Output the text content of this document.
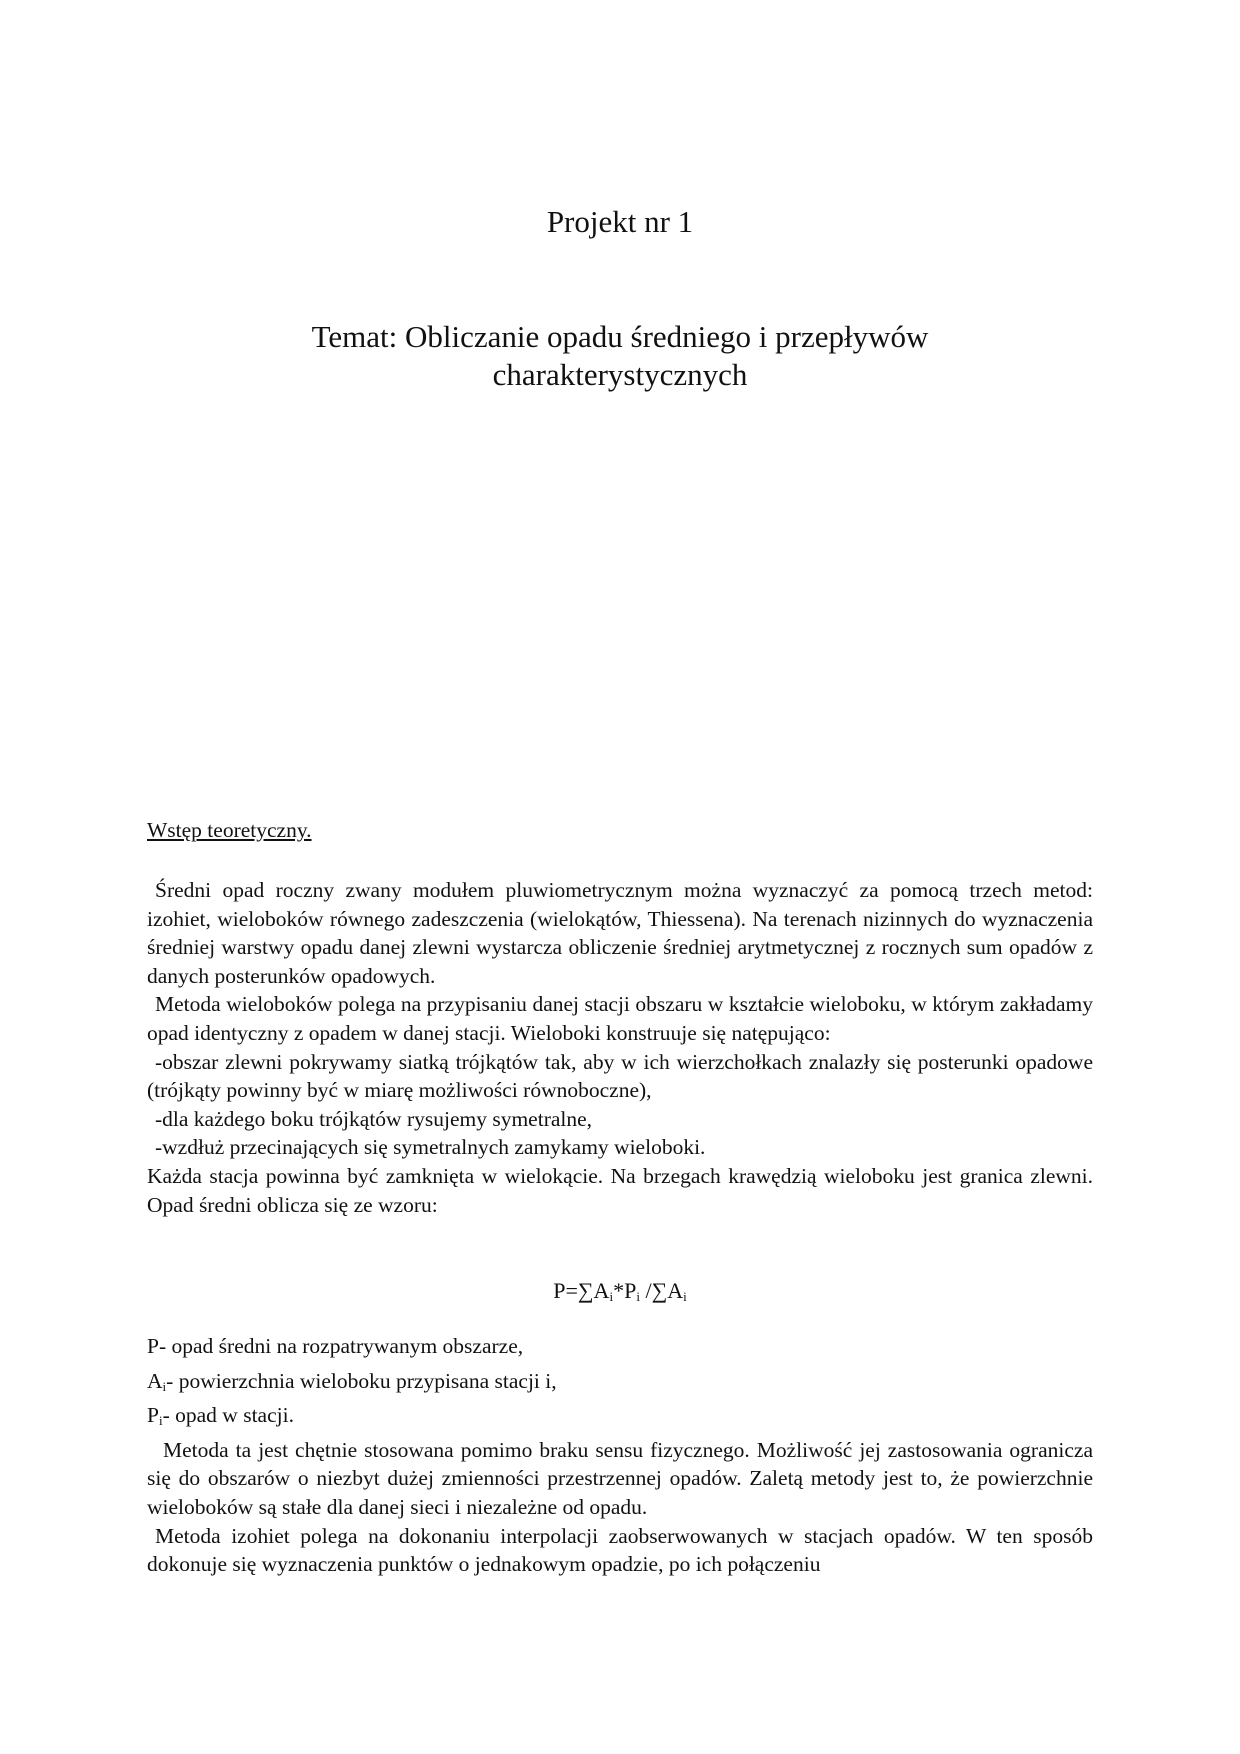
Projekt nr 1
Temat: Obliczanie opadu średniego i przepływów
charakterystycznych
Wstęp teoretyczny.

Średni opad roczny zwany modułem pluwiometrycznym można wyznaczyć za pomocą trzech metod: izohiet, wieloboków równego zadeszczenia (wielokątów, Thiessena). Na terenach nizinnych do wyznaczenia średniej warstwy opadu danej zlewni wystarcza obliczenie średniej arytmetycznej z rocznych sum opadów z danych posterunków opadowych.

Metoda wieloboków polega na przypisaniu danej stacji obszaru w kształcie wieloboku, w którym zakładamy opad identyczny z opadem w danej stacji. Wieloboki konstruuje się natępująco:

-obszar zlewni pokrywamy siatką trójkątów tak, aby w ich wierzchołkach znalazły się posterunki opadowe (trójkąty powinny być w miarę możliwości równoboczne),

-dla każdego boku trójkątów rysujemy symetralne,

-wzdłuż przecinających się symetralnych zamykamy wieloboki.

Każda stacja powinna być zamknięta w wielokącie. Na brzegach krawędzią wieloboku jest granica zlewni. Opad średni oblicza się ze wzoru:

$P=\sum A_i*P_i$ $/\sum A_i$
P- opad średni na rozpatrywanym obszarze,
$A_i-$ powierzchnia wieloboku przypisana stacji i,
$P_i-$ opad w stacji.

Metoda ta jest chętnie stosowana pomimo braku sensu fizycznego. Możliwość jej zastosowania ogranicza się do obszarów o niezbyt dużej zmienności przestrzennej opadów. Zaletą metody jest to, że powierzchnie wieloboków są stałe dla danej sieci i niezależne od opadu.

Metoda izohiet polega na dokonaniu interpolacji zaobserwowanych w stacjach opadów. W ten sposób dokonuje się wyznaczenia punktów o jednakowym opadzie, po ich połączeniu
